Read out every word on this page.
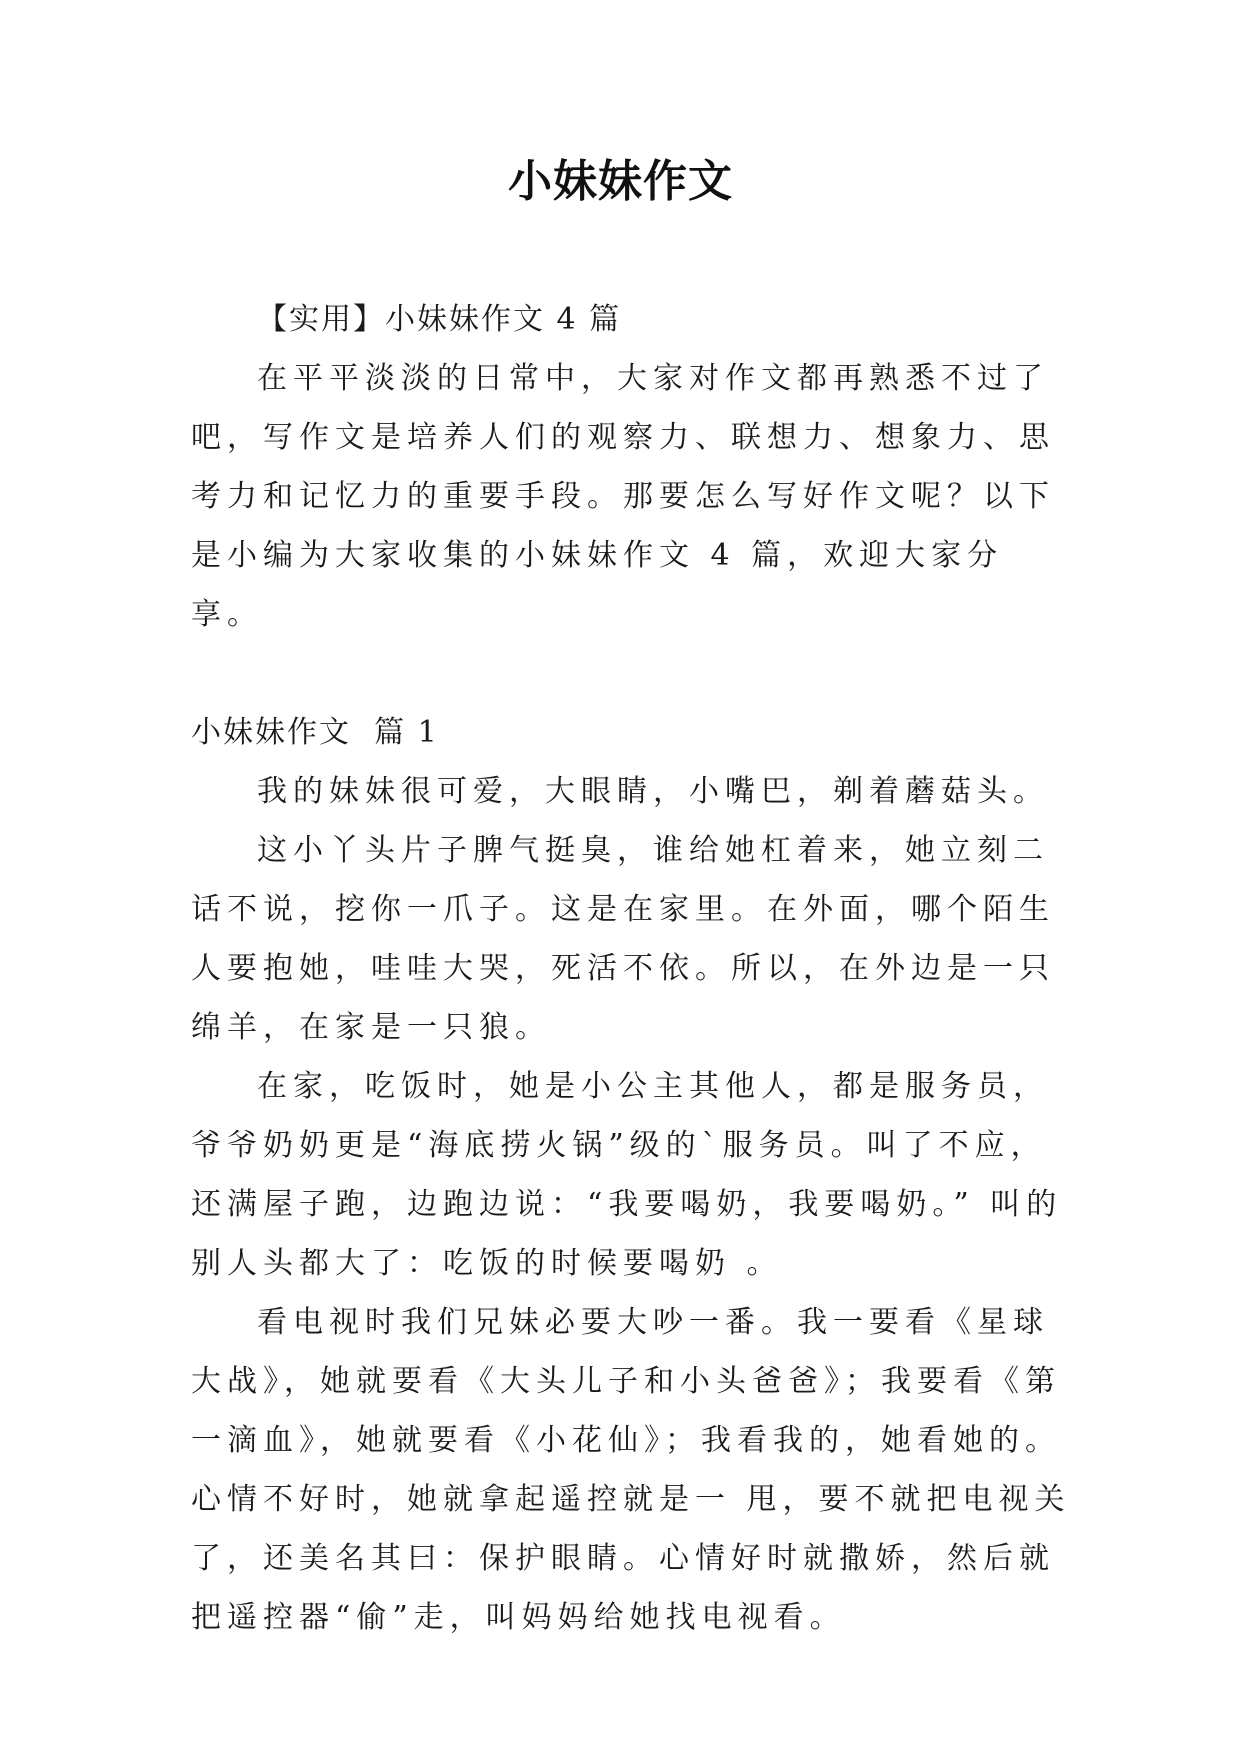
小妹妹作文

【实用】小妹妹作文 4 篇

在平平淡淡的日常中，大家对作文都再熟悉不过了吧，写作文是培养人们的观察力、联想力、想象力、思考力和记忆力的重要手段。那要怎么写好作文呢？以下是小编为大家收集的小妹妹作文 4 篇，欢迎大家分享。

小妹妹作文  篇 1

我的妹妹很可爱，大眼睛，小嘴巴，剃着蘑菇头。

这小丫头片子脾气挺臭，谁给她杠着来，她立刻二话不说，挖你一爪子。这是在家里。在外面，哪个陌生人要抱她，哇哇大哭，死活不依。所以，在外边是一只绵羊，在家是一只狼。

在家，吃饭时，她是小公主其他人，都是服务员，爷爷奶奶更是“海底捞火锅”级的`服务员。叫了不应，还满屋子跑，边跑边说：“我要喝奶，我要喝奶。” 叫的别人头都大了：吃饭的时候要喝奶 。

看电视时我们兄妹必要大吵一番。我一要看《星球大战》，她就要看《大头儿子和小头爸爸》；我要看《第一滴血》，她就要看《小花仙》；我看我的，她看她的。心情不好时，她就拿起遥控就是一 甩，要不就把电视关了，还美名其曰：保护眼睛。心情好时就撒娇，然后就把遥控器“偷”走，叫妈妈给她找电视看。
